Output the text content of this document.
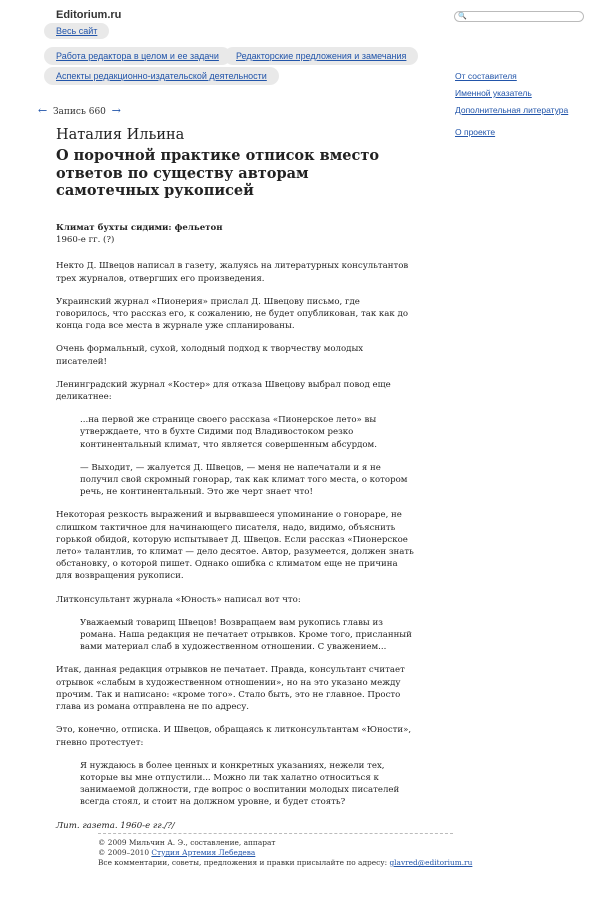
Editorium.ru	🔍
Весь сайт
Работа редактора в целом и ее задачи	Редакторские предложения и замечания
Аспекты редакционно-издательской деятельности	От составителя
Именной указатель
Дополнительная литература
О проекте
← Запись 660 →
Наталия Ильина
О порочной практике отписок вместо ответов по существу авторам самотечных рукописей

Климат бухты сидими: фельетон

1960-е гг. (?)

Некто Д. Швецов написал в газету, жалуясь на литературных консультантов трех журналов, отвергших его произведения.

Украинский журнал «Пионерия» прислал Д. Швецову письмо, где говорилось, что рассказ его, к сожалению, не будет опубликован, так как до конца года все места в журнале уже спланированы.

Очень формальный, сухой, холодный подход к творчеству молодых писателей!

Ленинградский журнал «Костер» для отказа Швецову выбрал повод еще деликатнее:

...на первой же странице своего рассказа «Пионерское лето» вы утверждаете, что в бухте Сидими под Владивостоком резко континентальный климат, что является совершенным абсурдом.

— Выходит, — жалуется Д. Швецов, — меня не напечатали и я не получил свой скромный гонорар, так как климат того места, о котором речь, не континентальный. Это же черт знает что!

Некоторая резкость выражений и вырвавшееся упоминание о гонораре, не слишком тактичное для начинающего писателя, надо, видимо, объяснить горькой обидой, которую испытывает Д. Швецов. Если рассказ «Пионерское лето» талантлив, то климат — дело десятое. Автор, разумеется, должен знать обстановку, о которой пишет. Однако ошибка с климатом еще не причина для возвращения рукописи.

Литконсультант журнала «Юность» написал вот что:

Уважаемый товарищ Швецов! Возвращаем вам рукопись главы из романа. Наша редакция не печатает отрывков. Кроме того, присланный вами материал слаб в художественном отношении. С уважением...

Итак, данная редакция отрывков не печатает. Правда, консультант считает отрывок «слабым в художественном отношении», но на это указано между прочим. Так и написано: «кроме того». Стало быть, это не главное. Просто глава из романа отправлена не по адресу.

Это, конечно, отписка. И Швецов, обращаясь к литконсультантам «Юности», гневно протестует:

Я нуждаюсь в более ценных и конкретных указаниях, нежели тех, которые вы мне отпустили... Можно ли так халатно относиться к занимаемой должности, где вопрос о воспитании молодых писателей всегда стоял, и стоит на должном уровне, и будет стоять?

Лит. газета. 1960-е гг./?/

© 2009 Мильчин А. Э., составление, аппарат
© 2009–2010 Студия Артемия Лебедева
Все комментарии, советы, предложения и правки присылайте по адресу: glavred@editorium.ru
